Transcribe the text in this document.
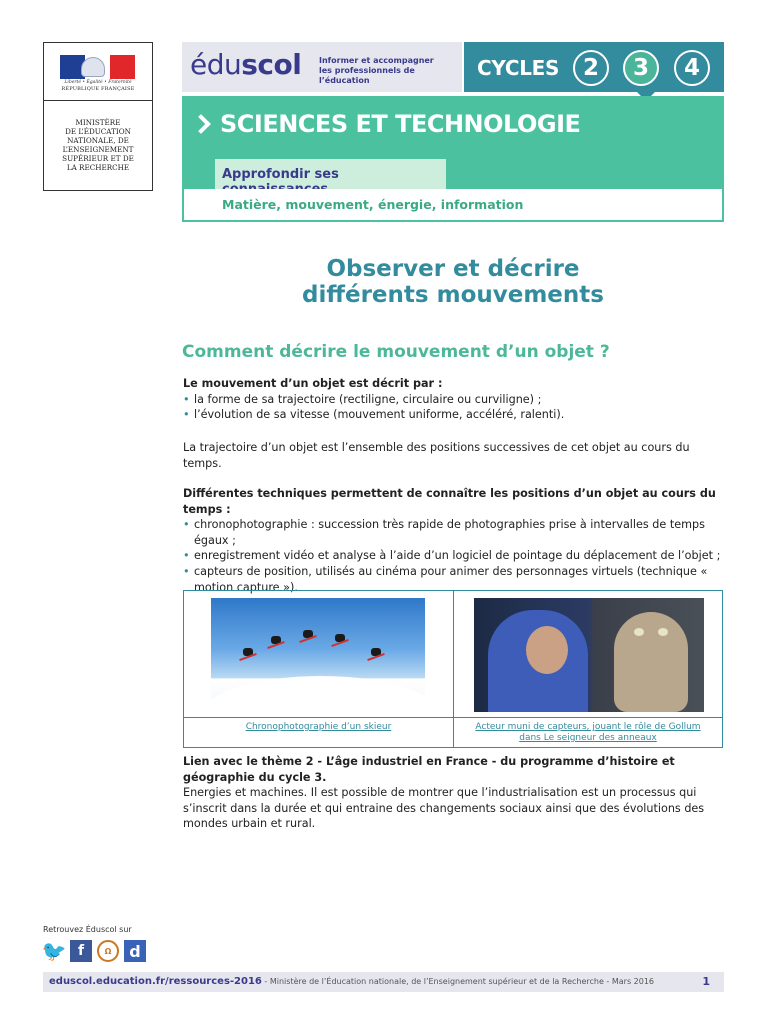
Liberté • Égalité • Fraternité
RÉPUBLIQUE FRANÇAISE
MINISTÈRE
DE L’ÉDUCATION
NATIONALE, DE
L’ENSEIGNEMENT
SUPÉRIEUR ET DE
LA RECHERCHE
éduscol Informer et accompagner
les professionnels de l’éducation
CYCLES	2	3	4
SCIENCES ET TECHNOLOGIE
Approfondir ses
Matière, mouvement, énergie, information
Observer et décrire
différents mouvements
Comment décrire le mouvement d’un objet ?
Le mouvement d’un objet est décrit par :
• la forme de sa trajectoire (rectiligne, circulaire ou curviligne) ;
• l’évolution de sa vitesse (mouvement uniforme, accéléré, ralenti).
La trajectoire d’un objet est l’ensemble des positions successives de cet objet au cours du temps.
Différentes techniques permettent de connaître les positions d’un objet au cours du temps :
• chronophotographie : succession très rapide de photographies prise à intervalles de temps égaux ;
• enregistrement vidéo et analyse à l’aide d’un logiciel de pointage du déplacement de l’objet ;
• capteurs de position, utilisés au cinéma pour animer des personnages virtuels (technique « motion capture »).
Chronophotographie d’un skieur	Acteur muni de capteurs, jouant le rôle de Gollum
dans Le seigneur des anneaux
Lien avec le thème 2 - L’âge industriel en France - du programme d’histoire et géographie du cycle 3.
Energies et machines. Il est possible de montrer que l’industrialisation est un processus qui s’inscrit dans la durée et qui entraine des changements sociaux ainsi que des évolutions des mondes urbain et rural.
Retrouvez Éduscol sur
🐦 f	Ω	d
eduscol.education.fr/ressources-2016 - Ministère de l’Éducation nationale, de l’Enseignement supérieur et de la Recherche - Mars 2016	1
